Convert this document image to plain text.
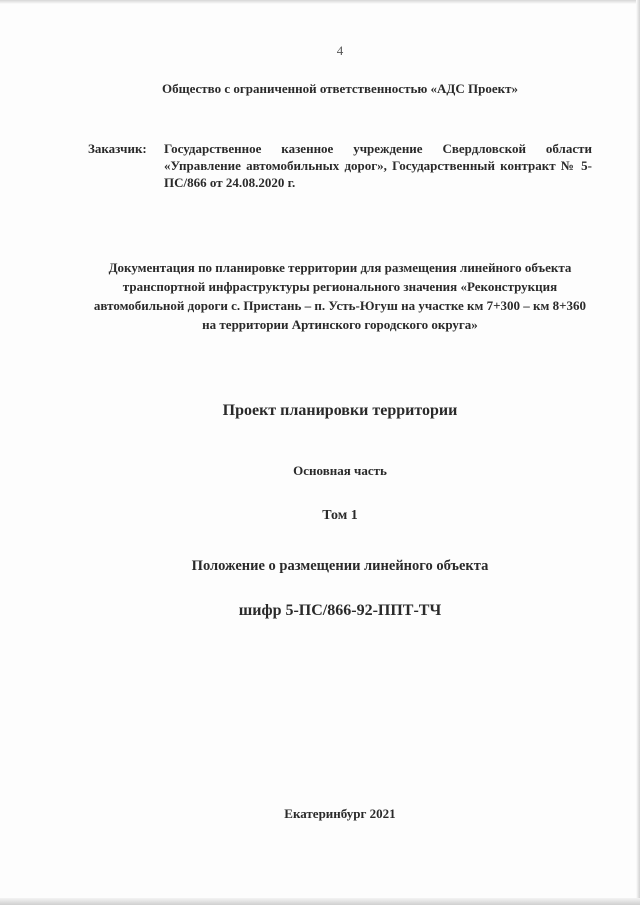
4
Общество с ограниченной ответственностью «АДС Проект»
Заказчик: Государственное казенное учреждение Свердловской области «Управление автомобильных дорог», Государственный контракт № 5-ПС/866 от 24.08.2020 г.
Документация по планировке территории для размещения линейного объекта транспортной инфраструктуры регионального значения «Реконструкция автомобильной дороги с. Пристань – п. Усть-Югуш на участке км 7+300 – км 8+360 на территории Артинского городского округа»
Проект планировки территории
Основная часть
Том 1
Положение о размещении линейного объекта
шифр 5-ПС/866-92-ППТ-ТЧ
Екатеринбург 2021
